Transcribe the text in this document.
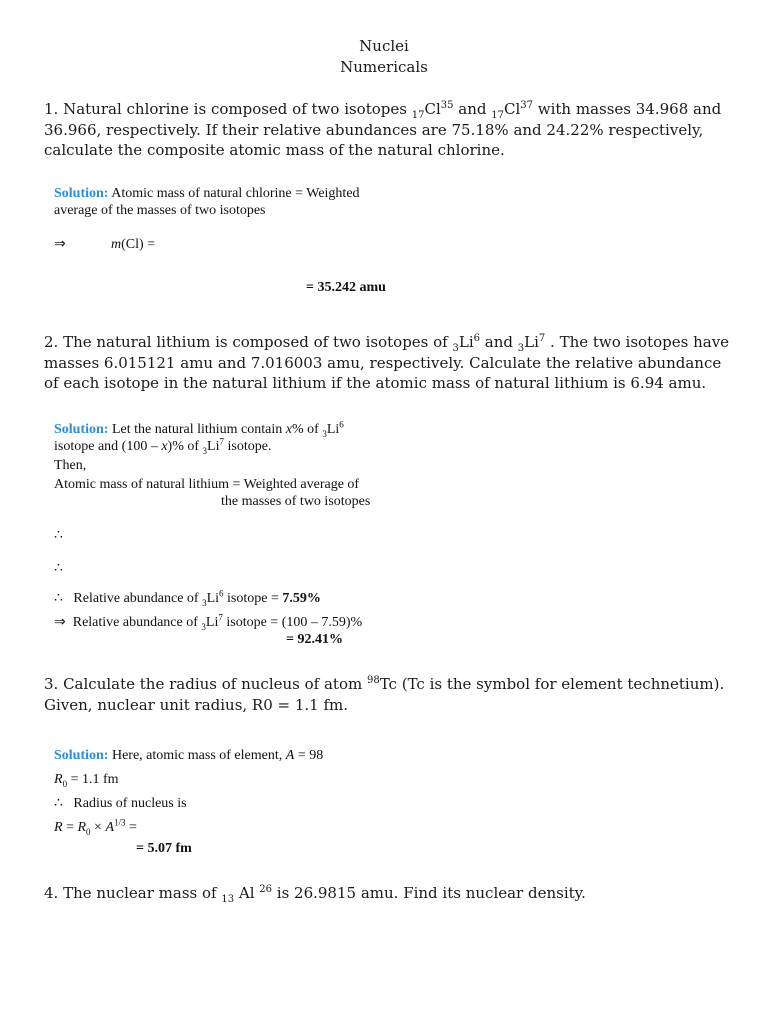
Nuclei
Numericals
1. Natural chlorine is composed of two isotopes $_{17}Cl^{35}$ and $_{17}Cl^{37}$ with masses 34.968 and 36.966, respectively. If their relative abundances are 75.18% and 24.22% respectively, calculate the composite atomic mass of the natural chlorine.
Solution: Atomic mass of natural chlorine = Weighted
average of the masses of two isotopes
⇒	m(Cl) =
= 35.242 amu
2. The natural lithium is composed of two isotopes of $_3Li^6$ and $_3Li^7$ . The two isotopes have masses 6.015121 amu and 7.016003 amu, respectively. Calculate the relative abundance of each isotope in the natural lithium if the atomic mass of natural lithium is 6.94 amu.
Solution: Let the natural lithium contain x% of $_3Li^6$
isotope and (100 – x)% of $_3Li^7$ isotope.
Then,
Atomic mass of natural lithium = Weighted average of
the masses of two isotopes
∴
∴
∴ Relative abundance of $_3Li^6$ isotope = 7.59%
⇒ Relative abundance of $_3Li^7$ isotope = (100 – 7.59)%
= 92.41%
3. Calculate the radius of nucleus of atom $^{98}$Tc (Tc is the symbol for element technetium). Given, nuclear unit radius, R0 = 1.1 fm.
Solution: Here, atomic mass of element, A = 98
$R_0 = 1.1$ fm
∴ Radius of nucleus is
$R = R_0 \times A^{1/3}$ =
= 5.07 fm
4. The nuclear mass of $_{13}$ Al $^{26}$ is 26.9815 amu. Find its nuclear density.
